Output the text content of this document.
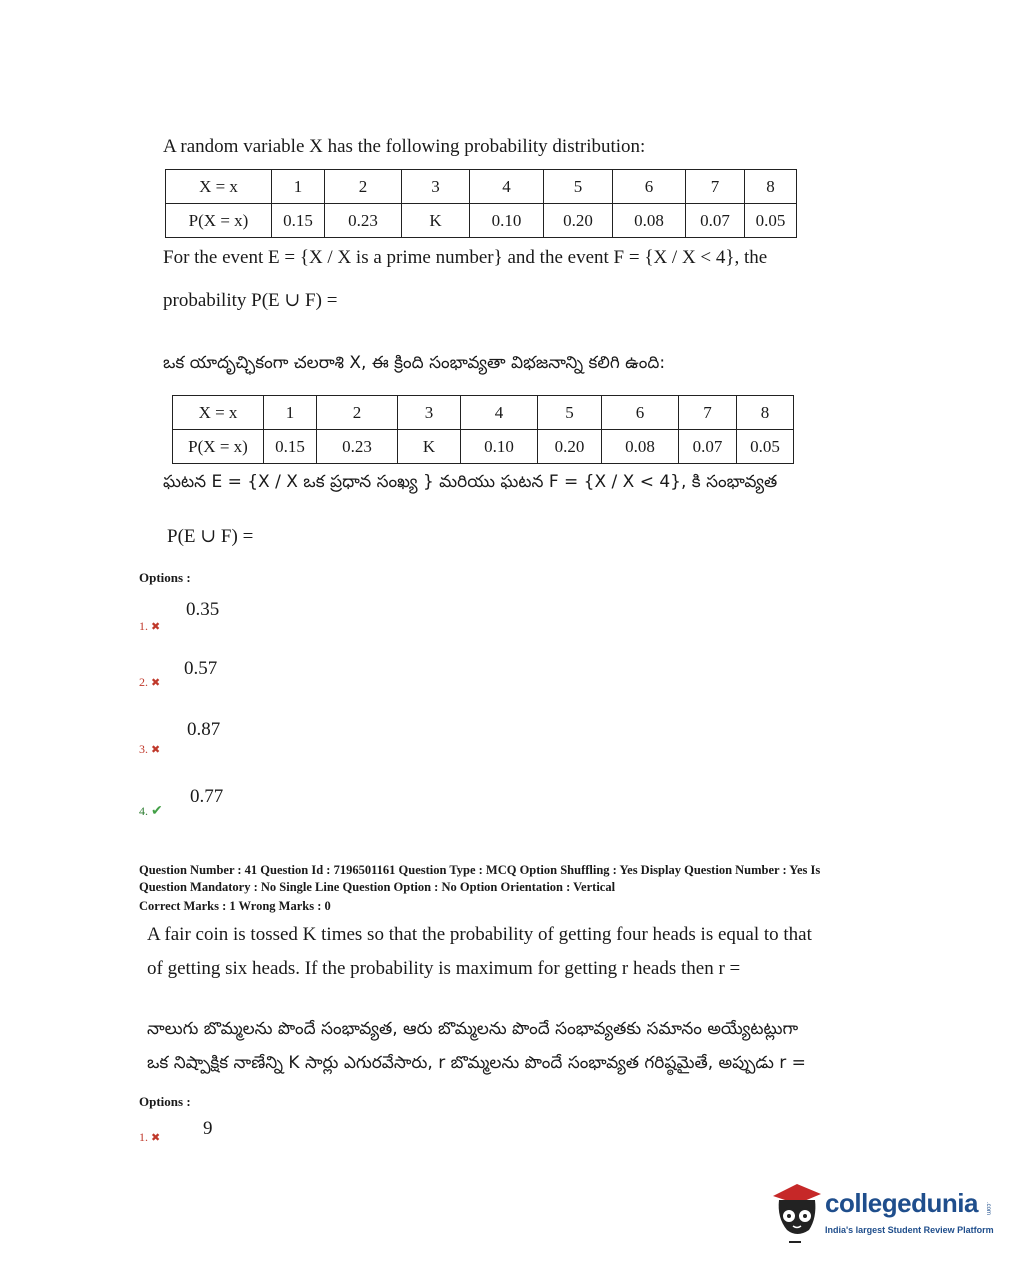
A random variable X has the following probability distribution:
X = x	1	2	3	4	5	6	7	8
P(X = x)	0.15	0.23	K	0.10	0.20	0.08	0.07	0.05
For the event E = {X / X is a prime number} and the event F = {X / X < 4}, the
probability P(E ∪ F) =
ఒక యాదృచ్ఛికంగా చలరాశి X, ఈ క్రింది సంభావ్యతా విభజనాన్ని కలిగి ఉంది:
X = x	1	2	3	4	5	6	7	8
P(X = x)	0.15	0.23	K	0.10	0.20	0.08	0.07	0.05
ఘటన E = {X / X ఒక ప్రధాన సంఖ్య } మరియు ఘటన F = {X / X < 4}, కి సంభావ్యత
P(E ∪ F) =
Options :
0.35
1. ✖
0.57
2. ✖
0.87
3. ✖
0.77
4. ✔
Question Number : 41 Question Id : 7196501161 Question Type : MCQ Option Shuffling : Yes Display Question Number : Yes Is
Question Mandatory : No Single Line Question Option : No Option Orientation : Vertical
Correct Marks : 1 Wrong Marks : 0
A fair coin is tossed K times so that the probability of getting four heads is equal to that
of getting six heads. If the probability is maximum for getting r heads then r =
నాలుగు బొమ్మలను పొందే సంభావ్యత, ఆరు బొమ్మలను పొందే సంభావ్యతకు సమానం అయ్యేటట్లుగా
ఒక నిష్పాక్షిక నాణేన్ని K సార్లు ఎగురవేసారు, r బొమ్మలను పొందే సంభావ్యత గరిష్ఠమైతే, అప్పుడు r =
Options :
9
1. ✖
collegedunia .com
India's largest Student Review Platform
